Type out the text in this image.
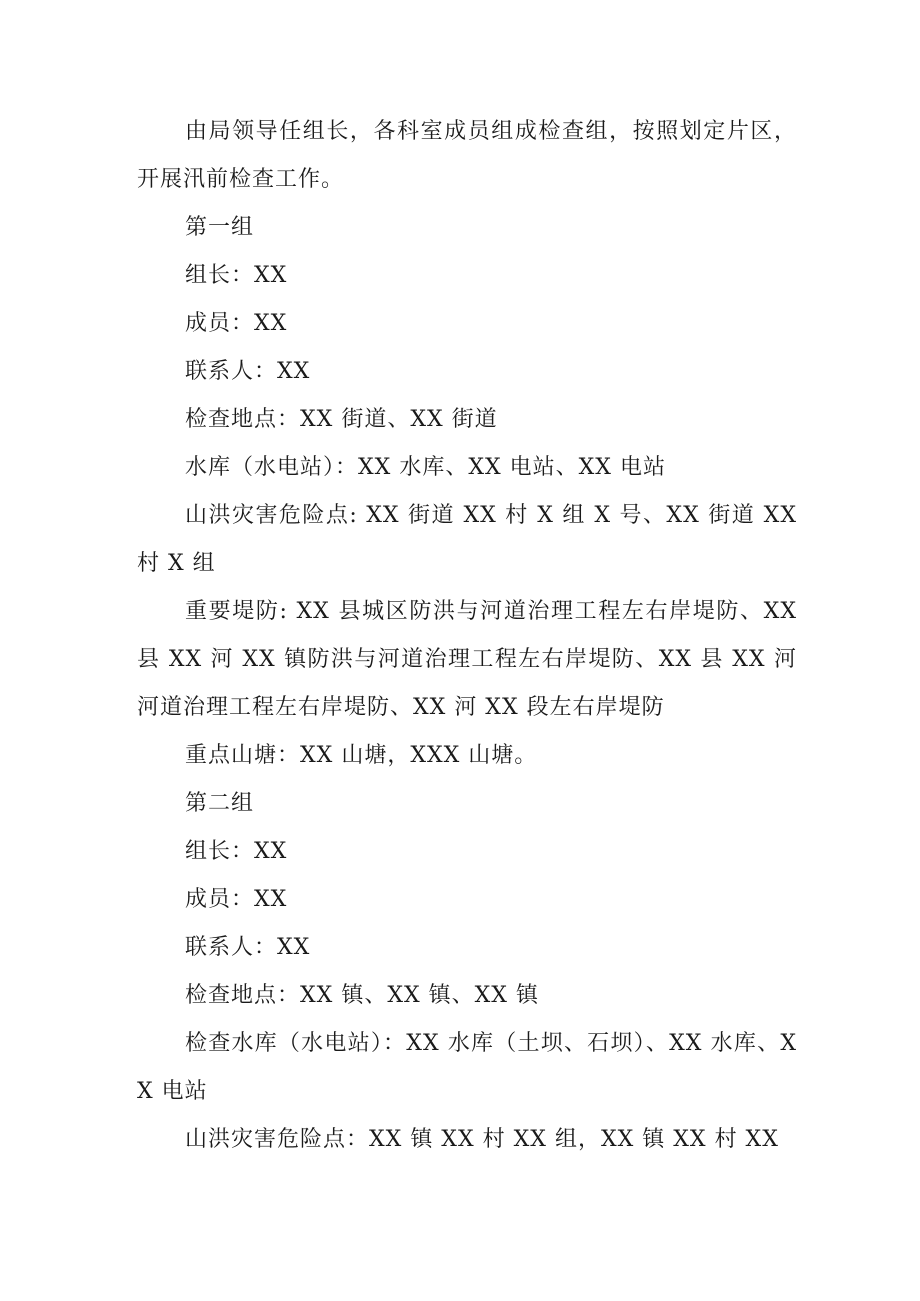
由局领导任组长，各科室成员组成检查组，按照划定片区，开展汛前检查工作。

第一组

组长：XX

成员：XX

联系人：XX

检查地点：XX 街道、XX 街道

水库（水电站）：XX 水库、XX 电站、XX 电站

山洪灾害危险点: XX 街道 XX 村 X 组 X 号、XX 街道 XX 村 X 组

重要堤防: XX 县城区防洪与河道治理工程左右岸堤防、XX 县 XX 河 XX 镇防洪与河道治理工程左右岸堤防、XX 县 XX 河河道治理工程左右岸堤防、XX 河 XX 段左右岸堤防

重点山塘：XX 山塘，XXX 山塘。

第二组

组长：XX

成员：XX

联系人：XX

检查地点：XX 镇、XX 镇、XX 镇

检查水库（水电站）：XX 水库（土坝、石坝）、XX 水库、XX 电站

山洪灾害危险点：XX 镇 XX 村 XX 组，XX 镇 XX 村 XX
